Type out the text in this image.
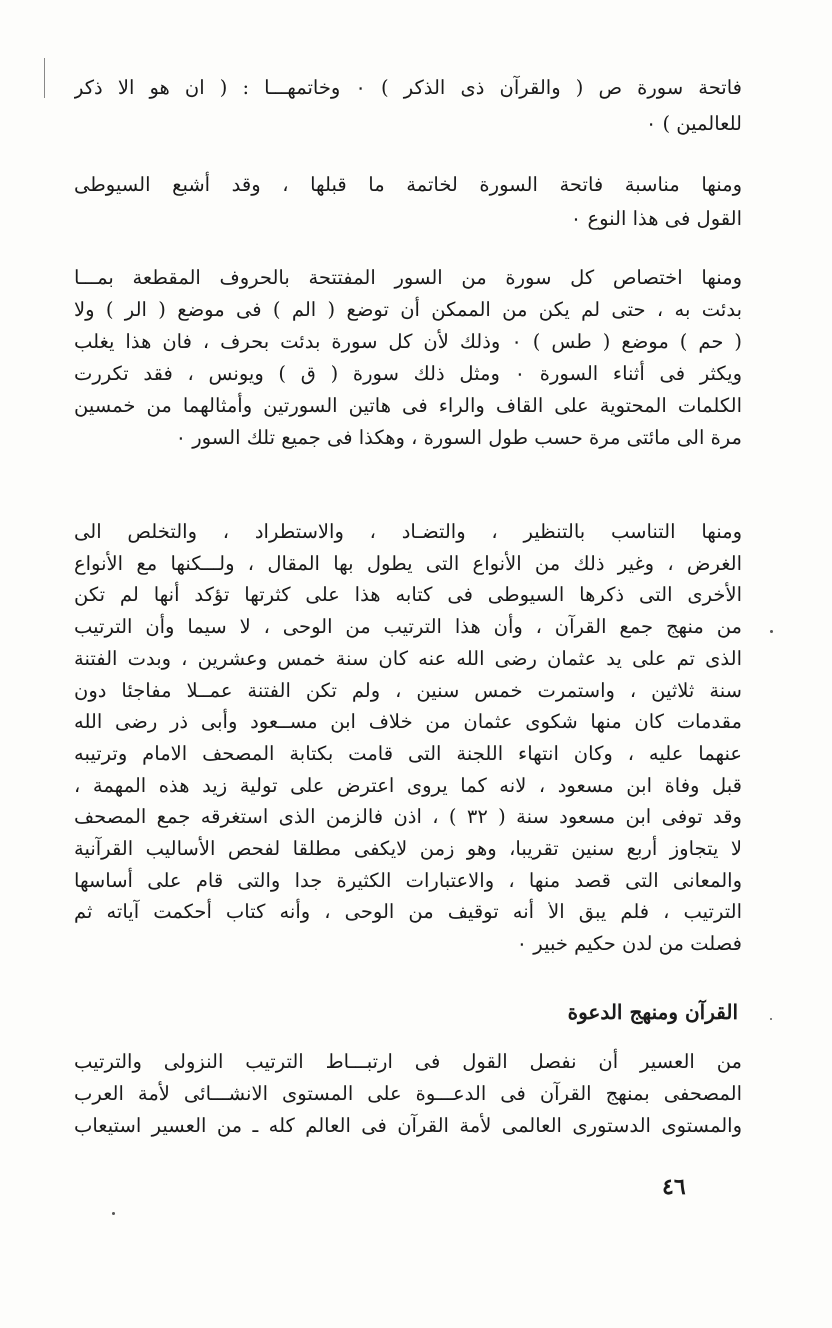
فاتحة سورة ص ( والقرآن ذى الذكر ) ٠ وخاتمهـــا : ( ان هو الا ذكر
للعالمين ) ٠
ومنها مناسبة فاتحة السورة لخاتمة ما قبلها ، وقد أشبع السيوطى
القول فى هذا النوع ٠
ومنها اختصاص كل سورة من السور المفتتحة بالحروف المقطعة بمـــا
بدئت به ، حتى لم يكن من الممكن أن توضع ( الم ) فى موضع ( الر ) ولا
( حم ) موضع ( طس ) ٠ وذلك لأن كل سورة بدئت بحرف ، فان هذا يغلب
ويكثر فى أثناء السورة ٠ ومثل ذلك سورة ( ق ) ويونس ، فقد تكررت
الكلمات المحتوية على القاف والراء فى هاتين السورتين وأمثالهما من خمسين
مرة الى مائتى مرة حسب طول السورة ، وهكذا فى جميع تلك السور ٠
ومنها التناسب بالتنظير ، والتضـاد ، والاستطراد ، والتخلص الى
الغرض ، وغير ذلك من الأنواع التى يطول بها المقال ، ولـــكنها مع الأنواع
الأخرى التى ذكرها السيوطى فى كتابه هذا على كثرتها تؤكد أنها لم تكن
من منهج جمع القرآن ، وأن هذا الترتيب من الوحى ، لا سيما وأن الترتيب
الذى تم على يد عثمان رضى الله عنه كان سنة خمس وعشرين ، وبدت الفتنة
سنة ثلاثين ، واستمرت خمس سنين ، ولم تكن الفتنة عمــلا مفاجئا دون
مقدمات كان منها شكوى عثمان من خلاف ابن مســعود وأبى ذر رضى الله
عنهما عليه ، وكان انتهاء اللجنة التى قامت بكتابة المصحف الامام وترتيبه
قبل وفاة ابن مسعود ، لانه كما يروى اعترض على تولية زيد هذه المهمة ،
وقد توفى ابن مسعود سنة ( ٣٢ ) ، اذن فالزمن الذى استغرقه جمع المصحف
لا يتجاوز أربع سنين تقريبا، وهو زمن لايكفى مطلقا لفحص الأساليب القرآنية
والمعانى التى قصد منها ، والاعتبارات الكثيرة جدا والتى قام على أساسها
الترتيب ، فلم يبق الا أنه توقيف من الوحى ، وأنه كتاب أحكمت آياته ثم
فصلت من لدن حكيم خبير ٠
القرآن ومنهج الدعوة
من العسير أن نفصل القول فى ارتبـــاط الترتيب النزولى والترتيب
المصحفى بمنهج القرآن فى الدعـــوة على المستوى الانشـــائى لأمة العرب
والمستوى الدستورى العالمى لأمة القرآن فى العالم كله ـ من العسير استيعاب
٤٦
